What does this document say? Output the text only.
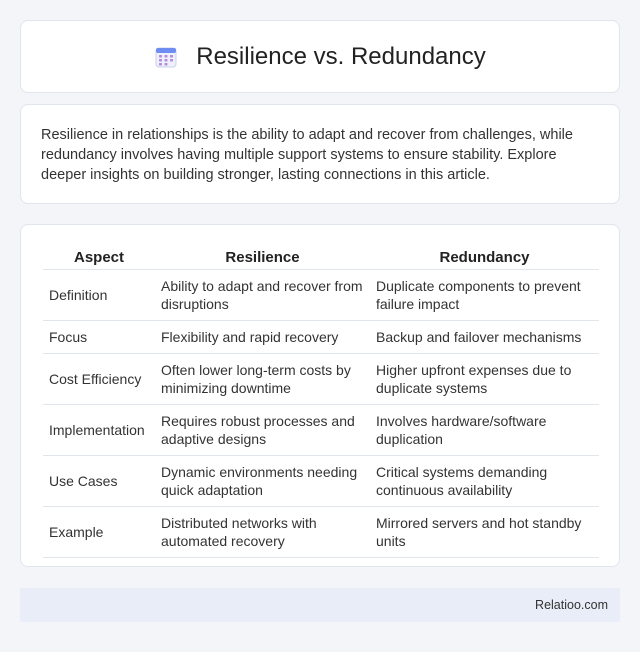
Resilience vs. Redundancy

Resilience in relationships is the ability to adapt and recover from challenges, while redundancy involves having multiple support systems to ensure stability. Explore deeper insights on building stronger, lasting connections in this article.

Aspect	Resilience	Redundancy
Definition	Ability to adapt and recover from disruptions	Duplicate components to prevent failure impact
Focus	Flexibility and rapid recovery	Backup and failover mechanisms
Cost Efficiency	Often lower long-term costs by minimizing downtime	Higher upfront expenses due to duplicate systems
Implementation	Requires robust processes and adaptive designs	Involves hardware/software duplication
Use Cases	Dynamic environments needing quick adaptation	Critical systems demanding continuous availability
Example	Distributed networks with automated recovery	Mirrored servers and hot standby units
Relatioo.com
